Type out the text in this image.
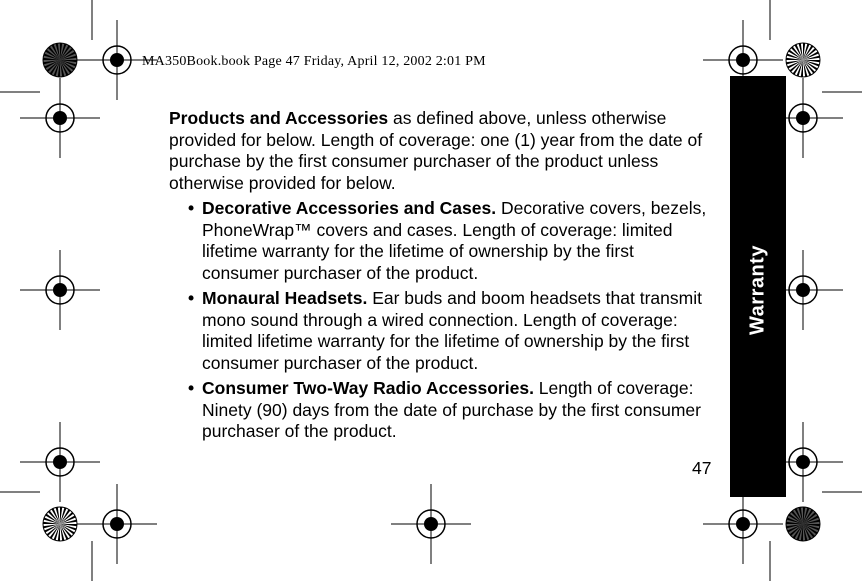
MA350Book.book Page 47 Friday, April 12, 2002 2:01 PM
Warranty

Products and Accessories as defined above, unless otherwise provided for below. Length of coverage: one (1) year from the date of purchase by the first consumer purchaser of the product unless otherwise provided for below.

• Decorative Accessories and Cases. Decorative covers, bezels, PhoneWrap™ covers and cases. Length of coverage: limited lifetime warranty for the lifetime of ownership by the first consumer purchaser of the product.
• Monaural Headsets. Ear buds and boom headsets that transmit mono sound through a wired connection. Length of coverage: limited lifetime warranty for the lifetime of ownership by the first consumer purchaser of the product.
• Consumer Two-Way Radio Accessories. Length of coverage: Ninety (90) days from the date of purchase by the first consumer purchaser of the product.
47
